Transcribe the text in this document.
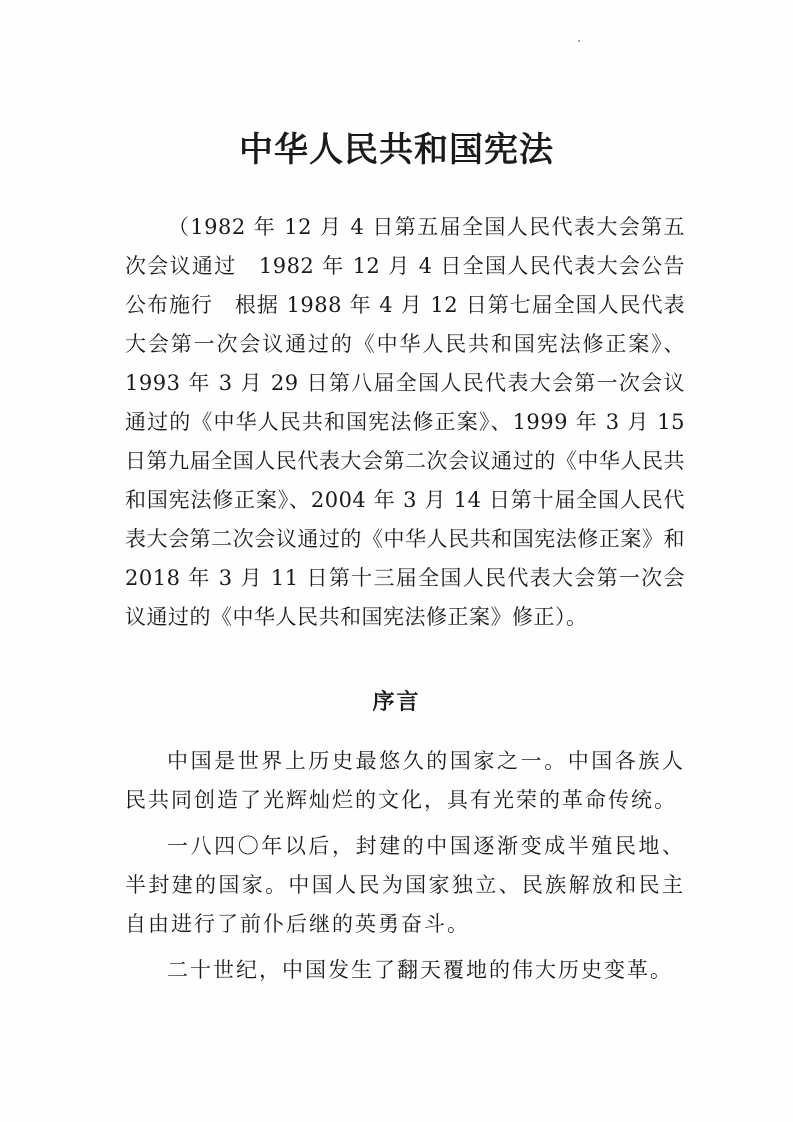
中华人民共和国宪法
（1982 年 12 月 4 日第五届全国人民代表大会第五次会议通过　1982 年 12 月 4 日全国人民代表大会公告公布施行　根据 1988 年 4 月 12 日第七届全国人民代表大会第一次会议通过的《中华人民共和国宪法修正案》、1993 年 3 月 29 日第八届全国人民代表大会第一次会议通过的《中华人民共和国宪法修正案》、1999 年 3 月 15 日第九届全国人民代表大会第二次会议通过的《中华人民共和国宪法修正案》、2004 年 3 月 14 日第十届全国人民代表大会第二次会议通过的《中华人民共和国宪法修正案》和 2018 年 3 月 11 日第十三届全国人民代表大会第一次会议通过的《中华人民共和国宪法修正案》修正）。
序言

中国是世界上历史最悠久的国家之一。中国各族人民共同创造了光辉灿烂的文化，具有光荣的革命传统。

一八四〇年以后，封建的中国逐渐变成半殖民地、半封建的国家。中国人民为国家独立、民族解放和民主自由进行了前仆后继的英勇奋斗。

二十世纪，中国发生了翻天覆地的伟大历史变革。
